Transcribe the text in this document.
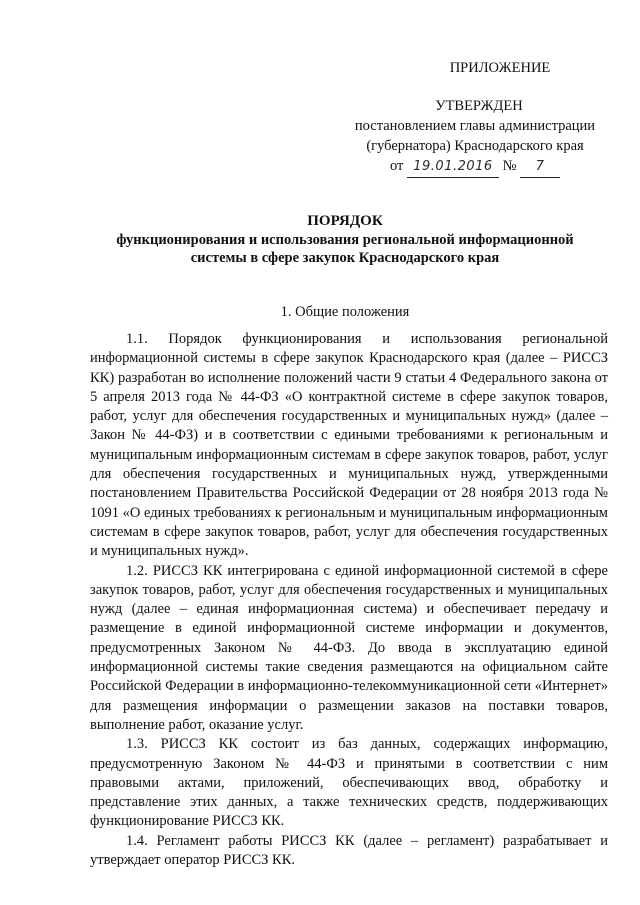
ПРИЛОЖЕНИЕ
УТВЕРЖДЕН
постановлением главы администрации
(губернатора) Краснодарского края
от 19.01.2016 № 7
ПОРЯДОК
функционирования и использования региональной информационной
системы в сфере закупок Краснодарского края
1. Общие положения

1.1. Порядок функционирования и использования региональной информационной системы в сфере закупок Краснодарского края (далее – РИССЗ КК) разработан во исполнение положений части 9 статьи 4 Федерального закона от 5 апреля 2013 года № 44-ФЗ «О контрактной системе в сфере закупок товаров, работ, услуг для обеспечения государственных и муниципальных нужд» (далее – Закон № 44-ФЗ) и в соответствии с едиными требованиями к региональным и муниципальным информационным системам в сфере закупок товаров, работ, услуг для обеспечения государственных и муниципальных нужд, утвержденными постановлением Правительства Российской Федерации от 28 ноября 2013 года № 1091 «О единых требованиях к региональным и муниципальным информационным системам в сфере закупок товаров, работ, услуг для обеспечения государственных и муниципальных нужд».

1.2. РИССЗ КК интегрирована с единой информационной системой в сфере закупок товаров, работ, услуг для обеспечения государственных и муниципальных нужд (далее – единая информационная система) и обеспечивает передачу и размещение в единой информационной системе информации и документов, предусмотренных Законом № 44-ФЗ. До ввода в эксплуатацию единой информационной системы такие сведения размещаются на официальном сайте Российской Федерации в информационно-телекоммуникационной сети «Интернет» для размещения информации о размещении заказов на поставки товаров, выполнение работ, оказание услуг.

1.3. РИССЗ КК состоит из баз данных, содержащих информацию, предусмотренную Законом № 44-ФЗ и принятыми в соответствии с ним правовыми актами, приложений, обеспечивающих ввод, обработку и представление этих данных, а также технических средств, поддерживающих функционирование РИССЗ КК.

1.4. Регламент работы РИССЗ КК (далее – регламент) разрабатывает и утверждает оператор РИССЗ КК.
